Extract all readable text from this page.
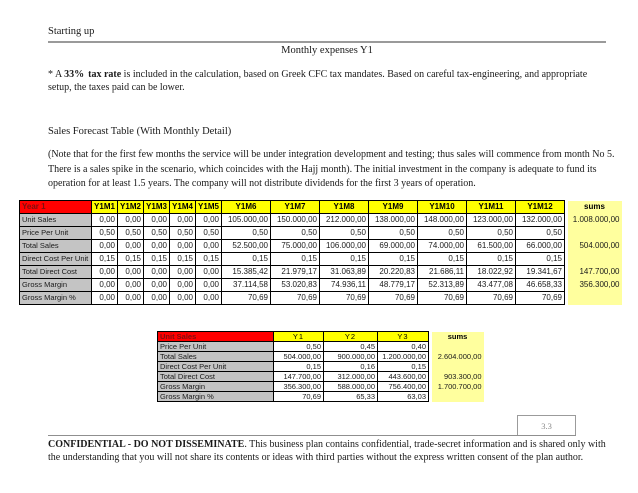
Starting up
Monthly expenses Y1

* A 33% tax rate is included in the calculation, based on Greek CFC tax mandates. Based on careful tax-engineering, and appropriate setup, the taxes paid can be lower.

Sales Forecast Table (With Monthly Detail)

(Note that for the first few months the service will be under integration development and testing; thus sales will commence from month No 5. There is a sales spike in the scenario, which coincides with the Hajj month). The initial investment in the company is adequate to fund its operation for at least 1.5 years. The company will not distribute dividends for the first 3 years of operation.

Year 1	Y1M1	Y1M2	Y1M3	Y1M4	Y1M5	Y1M6	Y1M7	Y1M8	Y1M9	Y1M10	Y1M11	Y1M12		sums
Unit Sales	0,00	0,00	0,00	0,00	0,00	105.000,00	150.000,00	212.000,00	138.000,00	148.000,00	123.000,00	132.000,00		1.008.000,00
Price Per Unit	0,50	0,50	0,50	0,50	0,50	0,50	0,50	0,50	0,50	0,50	0,50	0,50		
Total Sales	0,00	0,00	0,00	0,00	0,00	52.500,00	75.000,00	106.000,00	69.000,00	74.000,00	61.500,00	66.000,00		504.000,00
Direct Cost Per Unit	0,15	0,15	0,15	0,15	0,15	0,15	0,15	0,15	0,15	0,15	0,15	0,15		
Total Direct Cost	0,00	0,00	0,00	0,00	0,00	15.385,42	21.979,17	31.063,89	20.220,83	21.686,11	18.022,92	19.341,67		147.700,00
Gross Margin	0,00	0,00	0,00	0,00	0,00	37.114,58	53.020,83	74.936,11	48.779,17	52.313,89	43.477,08	46.658,33		356.300,00
Gross Margin %	0,00	0,00	0,00	0,00	0,00	70,69	70,69	70,69	70,69	70,69	70,69	70,69		
Unit Sales	Y1	Y2	Y3		sums
Price Per Unit	0,50	0,45	0,40		
Total Sales	504.000,00	900.000,00	1.200.000,00		2.604.000,00
Direct Cost Per Unit	0,15	0,16	0,15		
Total Direct Cost	147.700,00	312.000,00	443.600,00		903.300,00
Gross Margin	356.300,00	588.000,00	756.400,00		1.700.700,00
Gross Margin %	70,69	65,33	63,03		
3.3

CONFIDENTIAL - DO NOT DISSEMINATE. This business plan contains confidential, trade-secret information and is shared only with the understanding that you will not share its contents or ideas with third parties without the express written consent of the plan author.
